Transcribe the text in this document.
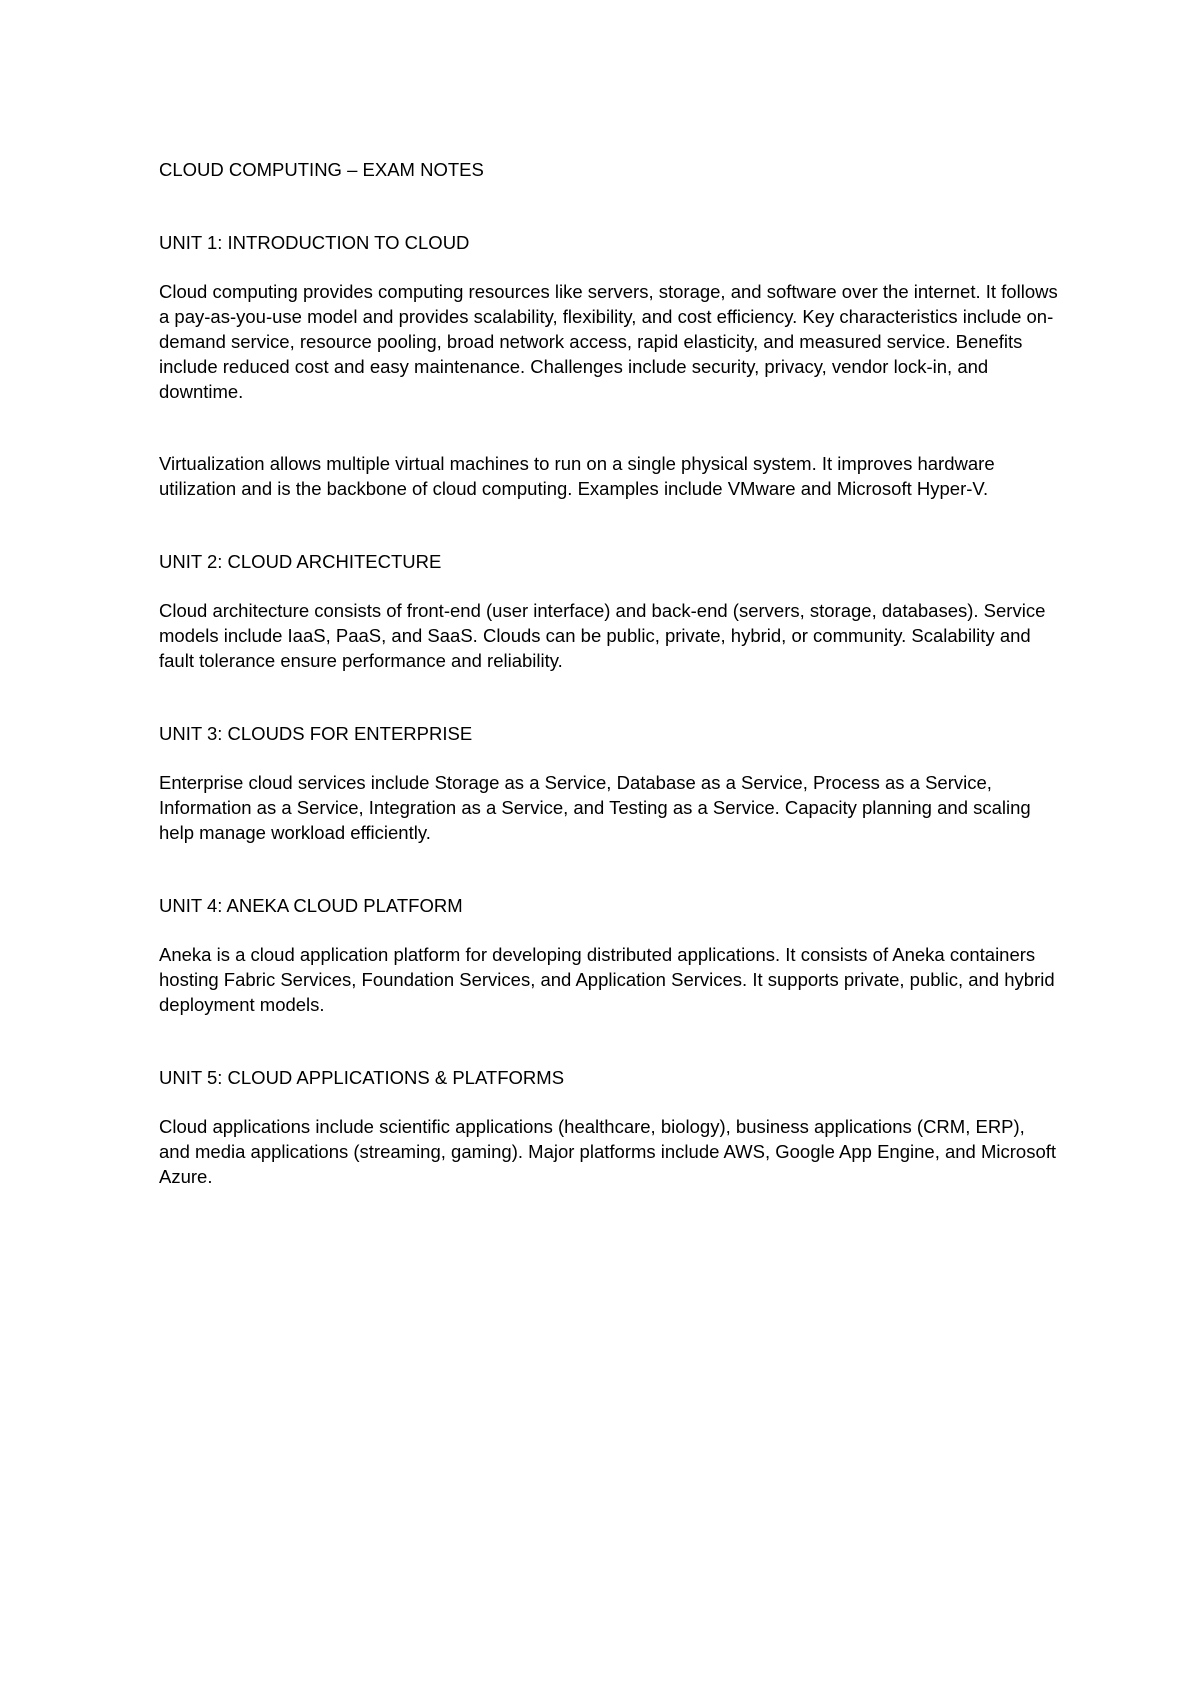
CLOUD COMPUTING – EXAM NOTES
UNIT 1: INTRODUCTION TO CLOUD

Cloud computing provides computing resources like servers, storage, and software over the internet. It follows a pay-as-you-use model and provides scalability, flexibility, and cost efficiency. Key characteristics include on-demand service, resource pooling, broad network access, rapid elasticity, and measured service. Benefits include reduced cost and easy maintenance. Challenges include security, privacy, vendor lock-in, and downtime.

Virtualization allows multiple virtual machines to run on a single physical system. It improves hardware utilization and is the backbone of cloud computing. Examples include VMware and Microsoft Hyper-V.

UNIT 2: CLOUD ARCHITECTURE

Cloud architecture consists of front-end (user interface) and back-end (servers, storage, databases). Service models include IaaS, PaaS, and SaaS. Clouds can be public, private, hybrid, or community. Scalability and fault tolerance ensure performance and reliability.

UNIT 3: CLOUDS FOR ENTERPRISE

Enterprise cloud services include Storage as a Service, Database as a Service, Process as a Service, Information as a Service, Integration as a Service, and Testing as a Service. Capacity planning and scaling help manage workload efficiently.

UNIT 4: ANEKA CLOUD PLATFORM

Aneka is a cloud application platform for developing distributed applications. It consists of Aneka containers hosting Fabric Services, Foundation Services, and Application Services. It supports private, public, and hybrid deployment models.

UNIT 5: CLOUD APPLICATIONS & PLATFORMS

Cloud applications include scientific applications (healthcare, biology), business applications (CRM, ERP), and media applications (streaming, gaming). Major platforms include AWS, Google App Engine, and Microsoft Azure.
